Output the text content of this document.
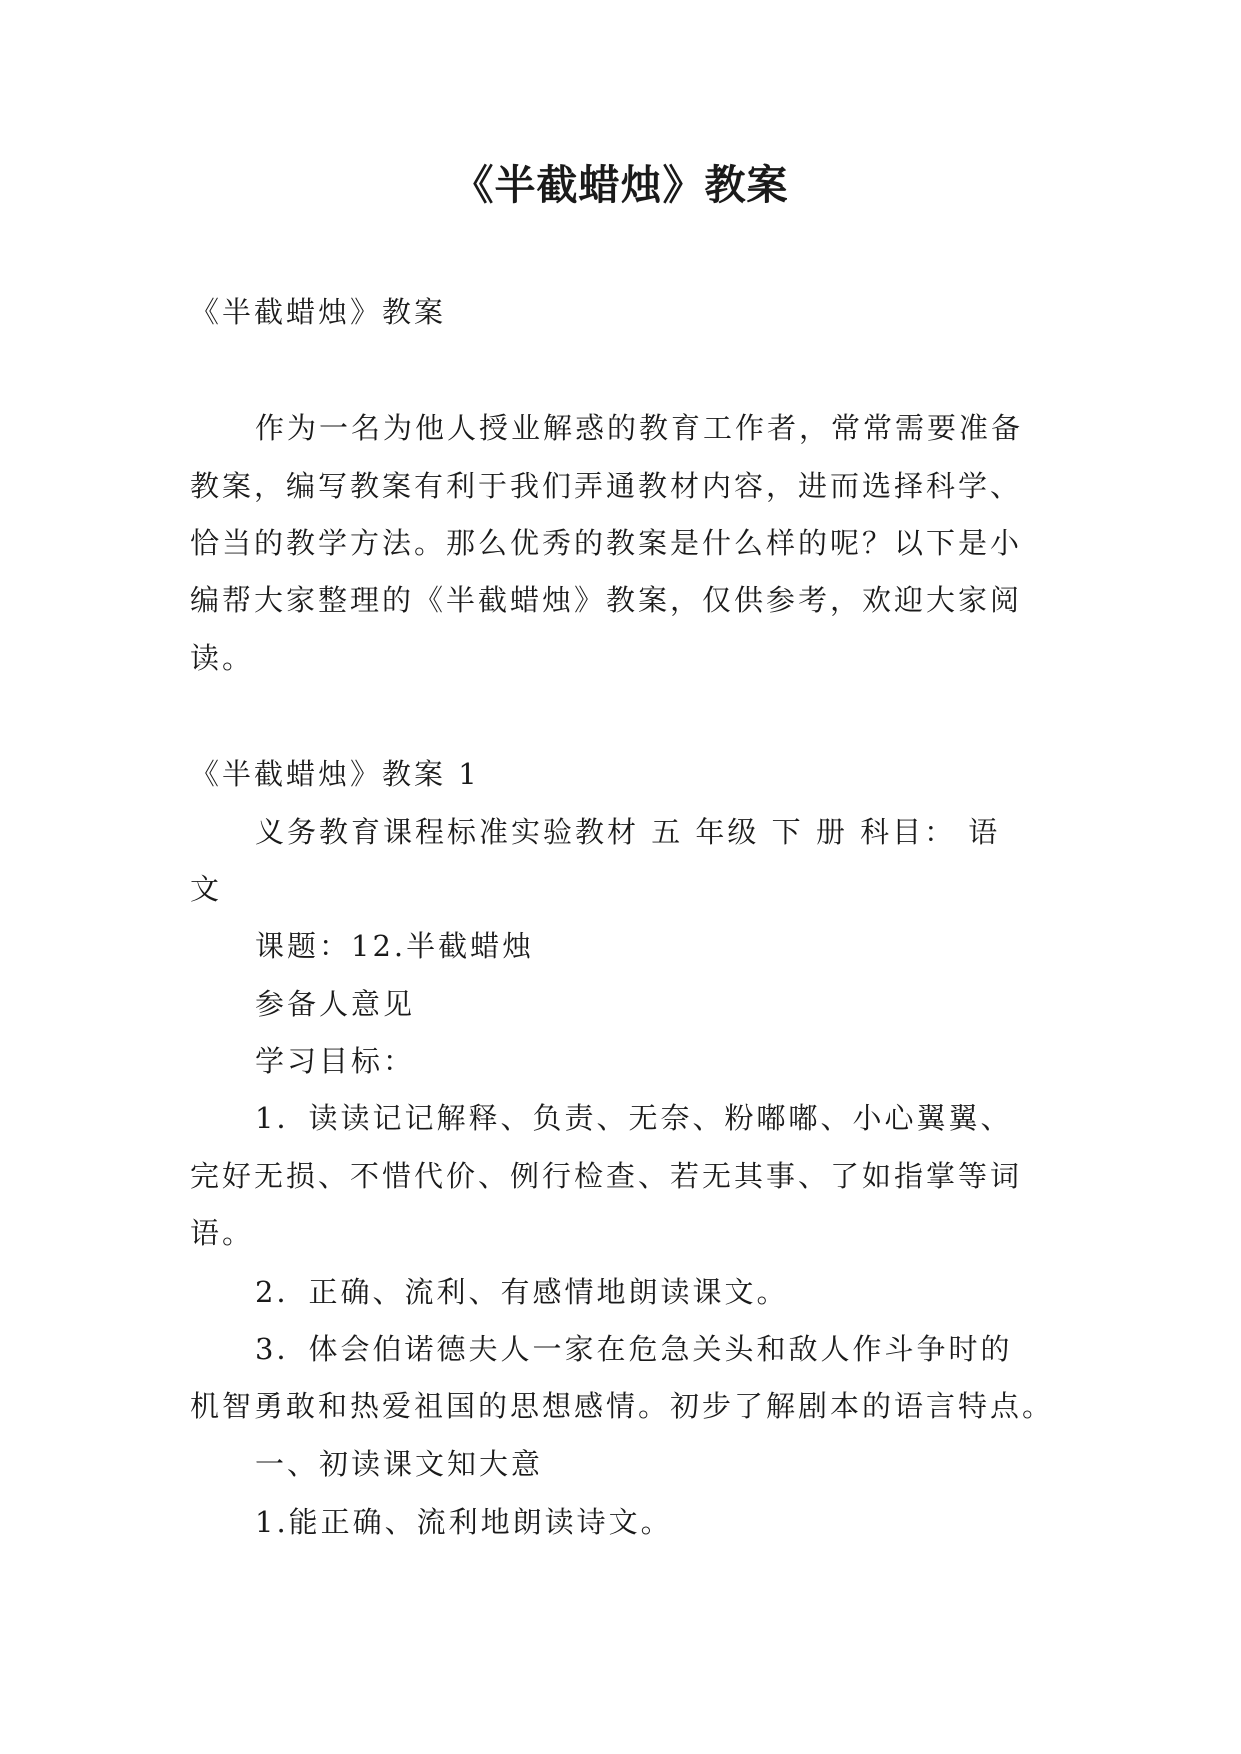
《半截蜡烛》教案
《半截蜡烛》教案
作为一名为他人授业解惑的教育工作者，常常需要准备
教案，编写教案有利于我们弄通教材内容，进而选择科学、
恰当的教学方法。那么优秀的教案是什么样的呢？以下是小
编帮大家整理的《半截蜡烛》教案，仅供参考，欢迎大家阅
读。
《半截蜡烛》教案 1
义务教育课程标准实验教材 五 年级 下 册 科目： 语
文
课题：12.半截蜡烛
参备人意见
学习目标：
1．读读记记解释、负责、无奈、粉嘟嘟、小心翼翼、
完好无损、不惜代价、例行检查、若无其事、了如指掌等词
语。
2．正确、流利、有感情地朗读课文。
3．体会伯诺德夫人一家在危急关头和敌人作斗争时的
机智勇敢和热爱祖国的思想感情。初步了解剧本的语言特点。
一、初读课文知大意
1.能正确、流利地朗读诗文。
